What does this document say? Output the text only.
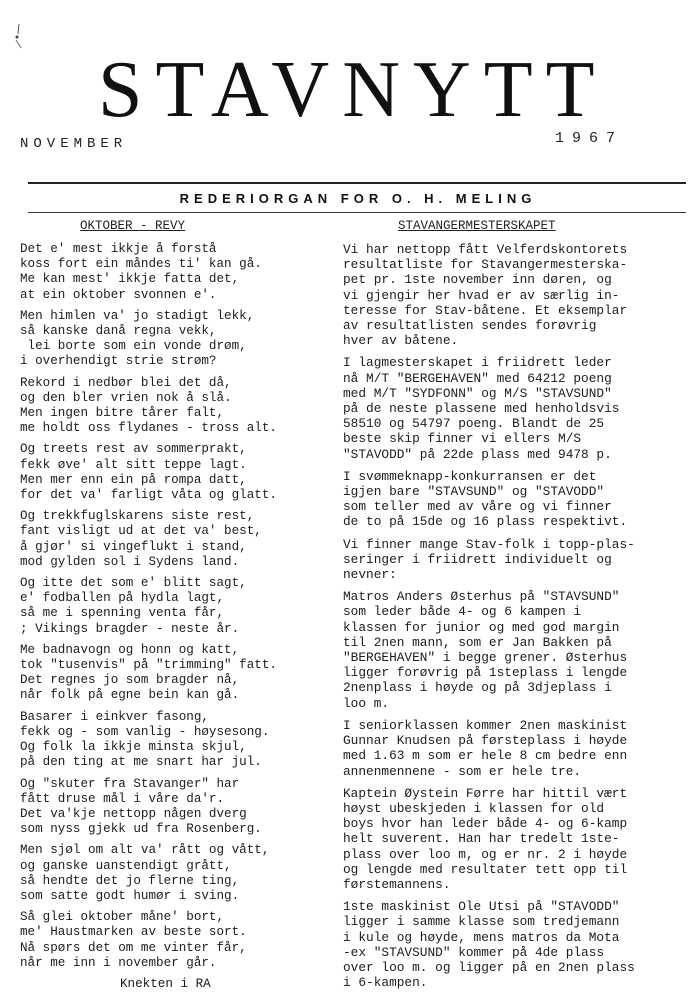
STAVNYTT
NOVEMBER	1967
REDERIORGAN FOR O. H. MELING
OKTOBER - REVY
Det e' mest ikkje å forstå
koss fort ein måndes ti' kan gå.
Me kan mest' ikkje fatta det,
at ein oktober svonnen e'.
Men himlen va' jo stadigt lekk,
så kanske danå regna vekk,
lei borte som ein vonde drøm,
i overhendigt strie strøm?
Rekord i nedbør blei det då,
og den bler vrien nok å slå.
Men ingen bitre tårer falt,
me holdt oss flydanes - tross alt.
Og treets rest av sommerprakt,
fekk øve' alt sitt teppe lagt.
Men mer enn ein på rompa datt,
for det va' farligt våta og glatt.
Og trekkfuglskarens siste rest,
fant visligt ud at det va' best,
å gjør' si vingeflukt i stand,
mod gylden sol i Sydens land.
Og itte det som e' blitt sagt,
e' fodballen på hydla lagt,
så me i spenning venta får,
; Vikings bragder - neste år.
Me badnavogn og honn og katt,
tok "tusenvis" på "trimming" fatt.
Det regnes jo som bragder nå,
når folk på egne bein kan gå.
Basarer i einkver fasong,
fekk og - som vanlig - høysesong.
Og folk la ikkje minsta skjul,
på den ting at me snart har jul.
Og "skuter fra Stavanger" har
fått druse mål i våre da'r.
Det va'kje nettopp någen dverg
som nyss gjekk ud fra Rosenberg.
Men sjøl om alt va' rått og vått,
og ganske uanstendigt grått,
så hendte det jo flerne ting,
som satte godt humør i sving.
Så glei oktober måne' bort,
me' Haustmarken av beste sort.
Nå spørs det om me vinter får,
når me inn i november går.
Knekten i RA
STAVANGERMESTERSKAPET
Vi har nettopp fått Velferdskontorets
resultatliste for Stavangermesterska-
pet pr. 1ste november inn døren, og
vi gjengir her hvad er av særlig in-
teresse for Stav-båtene. Et eksemplar
av resultatlisten sendes forøvrig
hver av båtene.
I lagmesterskapet i friidrett leder
nå M/T "BERGEHAVEN" med 64212 poeng
med M/T "SYDFONN" og M/S "STAVSUND"
på de neste plassene med henholdsvis
58510 og 54797 poeng. Blandt de 25
beste skip finner vi ellers M/S
"STAVODD" på 22de plass med 9478 p.
I svømmeknapp-konkurransen er det
igjen bare "STAVSUND" og "STAVODD"
som teller med av våre og vi finner
de to på 15de og 16 plass respektivt.
Vi finner mange Stav-folk i topp-plas-
seringer i friidrett individuelt og
nevner:
Matros Anders Østerhus på "STAVSUND"
som leder både 4- og 6 kampen i
klassen for junior og med god margin
til 2nen mann, som er Jan Bakken på
"BERGEHAVEN" i begge grener. Østerhus
ligger forøvrig på 1steplass i lengde
2nenplass i høyde og på 3djeplass i
loo m.
I seniorklassen kommer 2nen maskinist
Gunnar Knudsen på førsteplass i høyde
med 1.63 m som er hele 8 cm bedre enn
annenmennene - som er hele tre.
Kaptein Øystein Førre har hittil vært
høyst ubeskjeden i klassen for old
boys hvor han leder både 4- og 6-kamp
helt suverent. Han har tredelt 1ste-
plass over loo m, og er nr. 2 i høyde
og lengde med resultater tett opp til
førstemannens.
1ste maskinist Ole Utsi på "STAVODD"
ligger i samme klasse som tredjemann
i kule og høyde, mens matros da Mota
-ex "STAVSUND" kommer på 4de plass
over loo m. og ligger på en 2nen plass
i 6-kampen.
